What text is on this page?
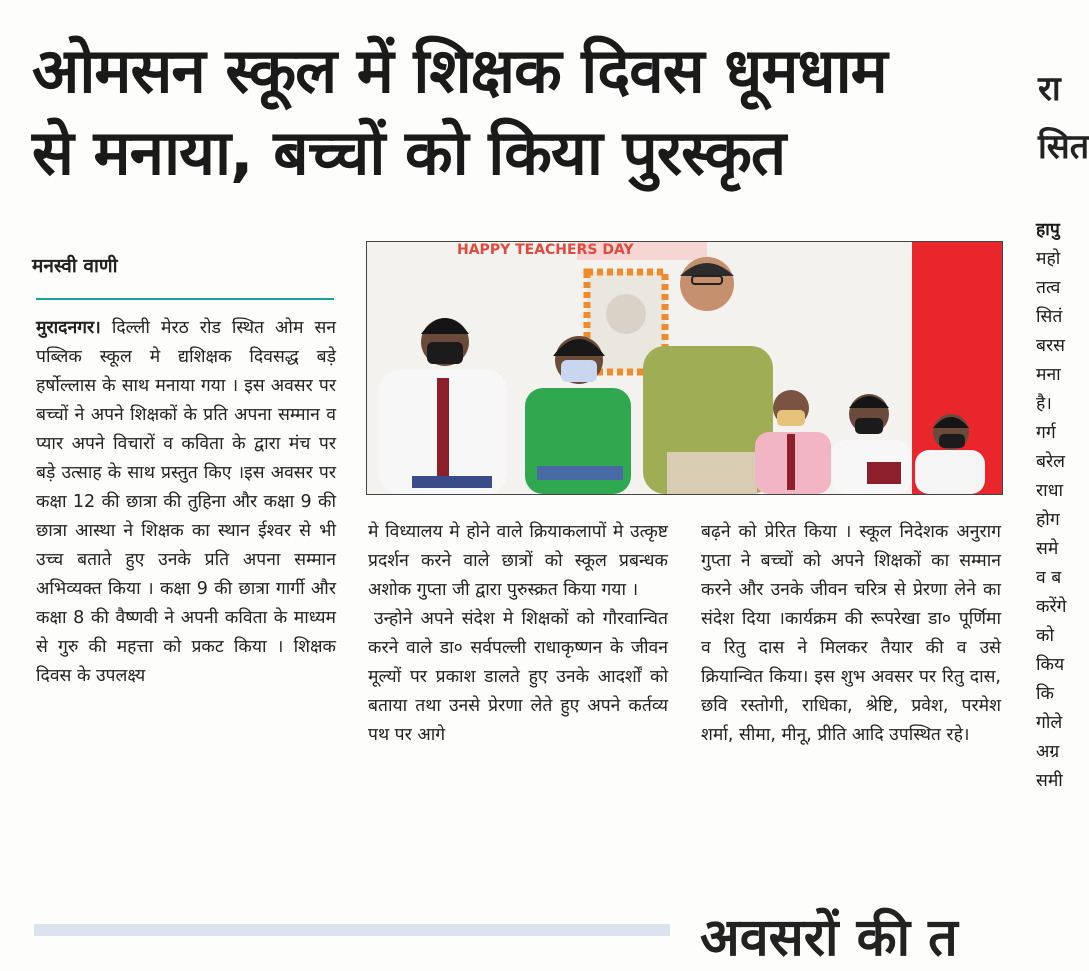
ओमसन स्कूल में शिक्षक दिवस धूमधाम
से मनाया, बच्चों को किया पुरस्कृत
मनस्वी वाणी

मुरादनगर। दिल्ली मेरठ रोड स्थित ओम सन पब्लिक स्कूल मे द्यशिक्षक दिवसद्ध बड़े हर्षोल्लास के साथ मनाया गया । इस अवसर पर बच्चों ने अपने शिक्षकों के प्रति अपना सम्मान व प्यार अपने विचारों व कविता के द्वारा मंच पर बड़े उत्साह के साथ प्रस्तुत किए ।इस अवसर पर कक्षा 12 की छात्रा की तुहिना और कक्षा 9 की छात्रा आस्था ने शिक्षक का स्थान ईश्वर से भी उच्च बताते हुए उनके प्रति अपना सम्मान अभिव्यक्त किया । कक्षा 9 की छात्रा गार्गी और कक्षा 8 की वैष्णवी ने अपनी कविता के माध्यम से गुरु की महत्ता को प्रकट किया । शिक्षक दिवस के उपलक्ष्य

HAPPY TEACHERS DAY

मे विध्यालय मे होने वाले क्रियाकलापों मे उत्कृष्ट प्रदर्शन करने वाले छात्रों को स्कूल प्रबन्धक अशोक गुप्ता जी द्वारा पुरुस्क्रत किया गया ।

उन्होने अपने संदेश मे शिक्षकों को गौरवान्वित करने वाले डा० सर्वपल्ली राधाकृष्णन के जीवन मूल्यों पर प्रकाश डालते हुए उनके आदर्शों को बताया तथा उनसे प्रेरणा लेते हुए अपने कर्तव्य पथ पर आगे

बढ़ने को प्रेरित किया । स्कूल निदेशक अनुराग गुप्ता ने बच्चों को अपने शिक्षकों का सम्मान करने और उनके जीवन चरित्र से प्रेरणा लेने का संदेश दिया ।कार्यक्रम की रूपरेखा डा० पूर्णिमा व रितु दास ने मिलकर तैयार की व उसे क्रियान्वित किया। इस शुभ अवसर पर रितु दास, छवि रस्तोगी, राधिका, श्रेष्टि, प्रवेश, परमेश शर्मा, सीमा, मीनू, प्रीति आदि उपस्थित रहे।

रा
सित
हापु
महो
तत्व
सितं
बरस
मना
है।
गर्ग
बरेल
राधा
होग
समे
व ब
करेंगे
को
किय
कि
गोले
अग्र
समी
अवसरों की त
